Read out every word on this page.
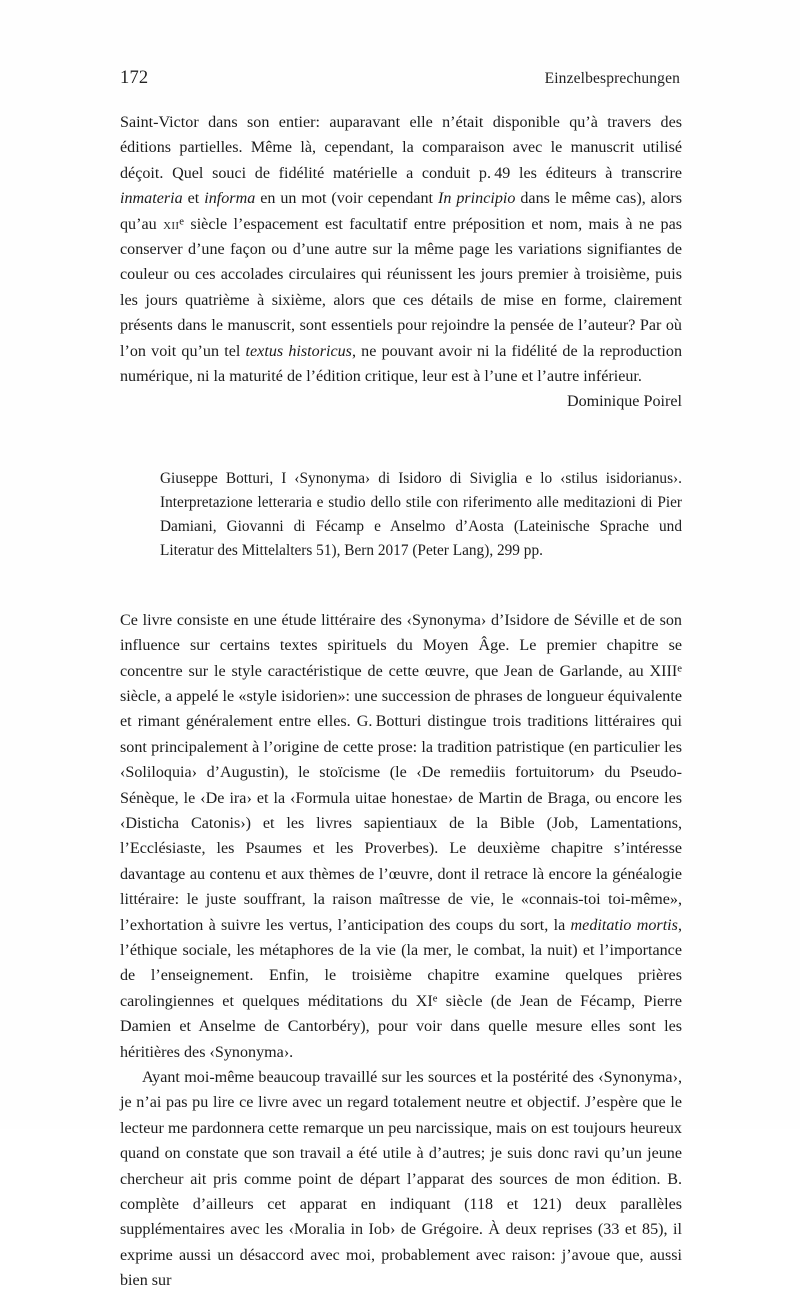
172	Einzelbesprechungen

Saint-Victor dans son entier: auparavant elle n’était disponible qu’à travers des éditions partielles. Même là, cependant, la comparaison avec le manuscrit utilisé déçoit. Quel souci de fidélité matérielle a conduit p. 49 les éditeurs à transcrire inmateria et informa en un mot (voir cependant In principio dans le même cas), alors qu’au xii$^e$ siècle l’espacement est facultatif entre préposition et nom, mais à ne pas conserver d’une façon ou d’une autre sur la même page les variations signifiantes de couleur ou ces accolades circulaires qui réunissent les jours premier à troisième, puis les jours quatrième à sixième, alors que ces détails de mise en forme, clairement présents dans le manuscrit, sont essentiels pour rejoindre la pensée de l’auteur? Par où l’on voit qu’un tel textus historicus, ne pouvant avoir ni la fidélité de la reproduction numérique, ni la maturité de l’édition critique, leur est à l’une et l’autre inférieur.

Dominique Poirel

Giuseppe Botturi, I ‹Synonyma› di Isidoro di Siviglia e lo ‹stilus isidorianus›. Interpretazione letteraria e studio dello stile con riferimento alle meditazioni di Pier Damiani, Giovanni di Fécamp e Anselmo d’Aosta (Lateinische Sprache und Literatur des Mittelalters 51), Bern 2017 (Peter Lang), 299 pp.

Ce livre consiste en une étude littéraire des ‹Synonyma› d’Isidore de Séville et de son influence sur certains textes spirituels du Moyen Âge. Le premier chapitre se concentre sur le style caractéristique de cette œuvre, que Jean de Garlande, au XIIIe siècle, a appelé le «style isidorien»: une succession de phrases de longueur équivalente et rimant généralement entre elles. G. Botturi distingue trois traditions littéraires qui sont principalement à l’origine de cette prose: la tradition patristique (en particulier les ‹Soliloquia› d’Augustin), le stoïcisme (le ‹De remediis fortuitorum› du Pseudo-Sénèque, le ‹De ira› et la ‹Formula uitae honestae› de Martin de Braga, ou encore les ‹Disticha Catonis›) et les livres sapientiaux de la Bible (Job, Lamentations, l’Ecclésiaste, les Psaumes et les Proverbes). Le deuxième chapitre s’intéresse davantage au contenu et aux thèmes de l’œuvre, dont il retrace là encore la généalogie littéraire: le juste souffrant, la raison maîtresse de vie, le «connais-toi toi-même», l’exhortation à suivre les vertus, l’anticipation des coups du sort, la meditatio mortis, l’éthique sociale, les métaphores de la vie (la mer, le combat, la nuit) et l’importance de l’enseignement. Enfin, le troisième chapitre examine quelques prières carolingiennes et quelques méditations du XIe siècle (de Jean de Fécamp, Pierre Damien et Anselme de Cantorbéry), pour voir dans quelle mesure elles sont les héritières des ‹Synonyma›.

Ayant moi-même beaucoup travaillé sur les sources et la postérité des ‹Synonyma›, je n’ai pas pu lire ce livre avec un regard totalement neutre et objectif. J’espère que le lecteur me pardonnera cette remarque un peu narcissique, mais on est toujours heureux quand on constate que son travail a été utile à d’autres; je suis donc ravi qu’un jeune chercheur ait pris comme point de départ l’apparat des sources de mon édition. B. complète d’ailleurs cet apparat en indiquant (118 et 121) deux parallèles supplémentaires avec les ‹Moralia in Iob› de Grégoire. À deux reprises (33 et 85), il exprime aussi un désaccord avec moi, probablement avec raison: j’avoue que, aussi bien sur
